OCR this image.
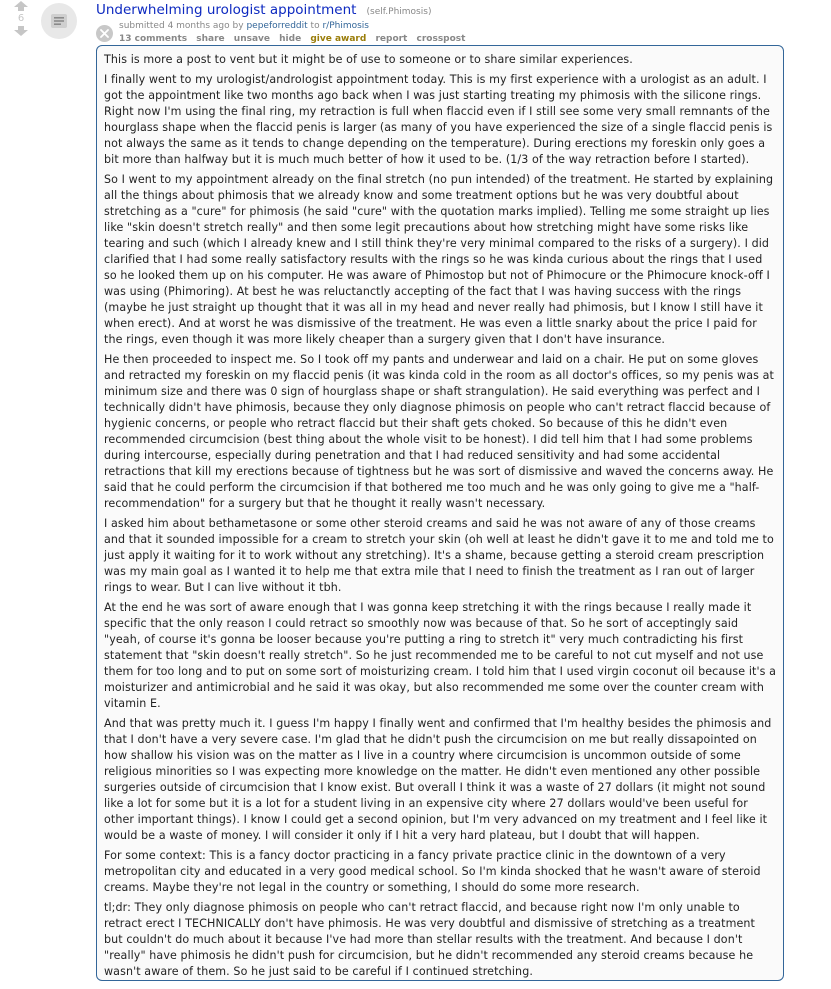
6
Underwhelming urologist appointment (self.Phimosis)
submitted 4 months ago by pepeforreddit to r/Phimosis
13 comments share unsave hide give award report crosspost

This is more a post to vent but it might be of use to someone or to share similar experiences.

I finally went to my urologist/andrologist appointment today. This is my first experience with a urologist as an adult. I got the appointment like two months ago back when I was just starting treating my phimosis with the silicone rings. Right now I'm using the final ring, my retraction is full when flaccid even if I still see some very small remnants of the hourglass shape when the flaccid penis is larger (as many of you have experienced the size of a single flaccid penis is not always the same as it tends to change depending on the temperature). During erections my foreskin only goes a bit more than halfway but it is much much better of how it used to be. (1/3 of the way retraction before I started).

So I went to my appointment already on the final stretch (no pun intended) of the treatment. He started by explaining all the things about phimosis that we already know and some treatment options but he was very doubtful about stretching as a "cure" for phimosis (he said "cure" with the quotation marks implied). Telling me some straight up lies like "skin doesn't stretch really" and then some legit precautions about how stretching might have some risks like tearing and such (which I already knew and I still think they're very minimal compared to the risks of a surgery). I did clarified that I had some really satisfactory results with the rings so he was kinda curious about the rings that I used so he looked them up on his computer. He was aware of Phimostop but not of Phimocure or the Phimocure knock-off I was using (Phimoring). At best he was reluctanctly accepting of the fact that I was having success with the rings (maybe he just straight up thought that it was all in my head and never really had phimosis, but I know I still have it when erect). And at worst he was dismissive of the treatment. He was even a little snarky about the price I paid for the rings, even though it was more likely cheaper than a surgery given that I don't have insurance.

He then proceeded to inspect me. So I took off my pants and underwear and laid on a chair. He put on some gloves and retracted my foreskin on my flaccid penis (it was kinda cold in the room as all doctor's offices, so my penis was at minimum size and there was 0 sign of hourglass shape or shaft strangulation). He said everything was perfect and I technically didn't have phimosis, because they only diagnose phimosis on people who can't retract flaccid because of hygienic concerns, or people who retract flaccid but their shaft gets choked. So because of this he didn't even recommended circumcision (best thing about the whole visit to be honest). I did tell him that I had some problems during intercourse, especially during penetration and that I had reduced sensitivity and had some accidental retractions that kill my erections because of tightness but he was sort of dismissive and waved the concerns away. He said that he could perform the circumcision if that bothered me too much and he was only going to give me a "half-recommendation" for a surgery but that he thought it really wasn't necessary.

I asked him about bethametasone or some other steroid creams and said he was not aware of any of those creams and that it sounded impossible for a cream to stretch your skin (oh well at least he didn't gave it to me and told me to just apply it waiting for it to work without any stretching). It's a shame, because getting a steroid cream prescription was my main goal as I wanted it to help me that extra mile that I need to finish the treatment as I ran out of larger rings to wear. But I can live without it tbh.

At the end he was sort of aware enough that I was gonna keep stretching it with the rings because I really made it specific that the only reason I could retract so smoothly now was because of that. So he sort of acceptingly said "yeah, of course it's gonna be looser because you're putting a ring to stretch it" very much contradicting his first statement that "skin doesn't really stretch". So he just recommended me to be careful to not cut myself and not use them for too long and to put on some sort of moisturizing cream. I told him that I used virgin coconut oil because it's a moisturizer and antimicrobial and he said it was okay, but also recommended me some over the counter cream with vitamin E.

And that was pretty much it. I guess I'm happy I finally went and confirmed that I'm healthy besides the phimosis and that I don't have a very severe case. I'm glad that he didn't push the circumcision on me but really dissapointed on how shallow his vision was on the matter as I live in a country where circumcision is uncommon outside of some religious minorities so I was expecting more knowledge on the matter. He didn't even mentioned any other possible surgeries outside of circumcision that I know exist. But overall I think it was a waste of 27 dollars (it might not sound like a lot for some but it is a lot for a student living in an expensive city where 27 dollars would've been useful for other important things). I know I could get a second opinion, but I'm very advanced on my treatment and I feel like it would be a waste of money. I will consider it only if I hit a very hard plateau, but I doubt that will happen.

For some context: This is a fancy doctor practicing in a fancy private practice clinic in the downtown of a very metropolitan city and educated in a very good medical school. So I'm kinda shocked that he wasn't aware of steroid creams. Maybe they're not legal in the country or something, I should do some more research.

tl;dr: They only diagnose phimosis on people who can't retract flaccid, and because right now I'm only unable to retract erect I TECHNICALLY don't have phimosis. He was very doubtful and dismissive of stretching as a treatment but couldn't do much about it because I've had more than stellar results with the treatment. And because I don't "really" have phimosis he didn't push for circumcision, but he didn't recommended any steroid creams because he wasn't aware of them. So he just said to be careful if I continued stretching.
